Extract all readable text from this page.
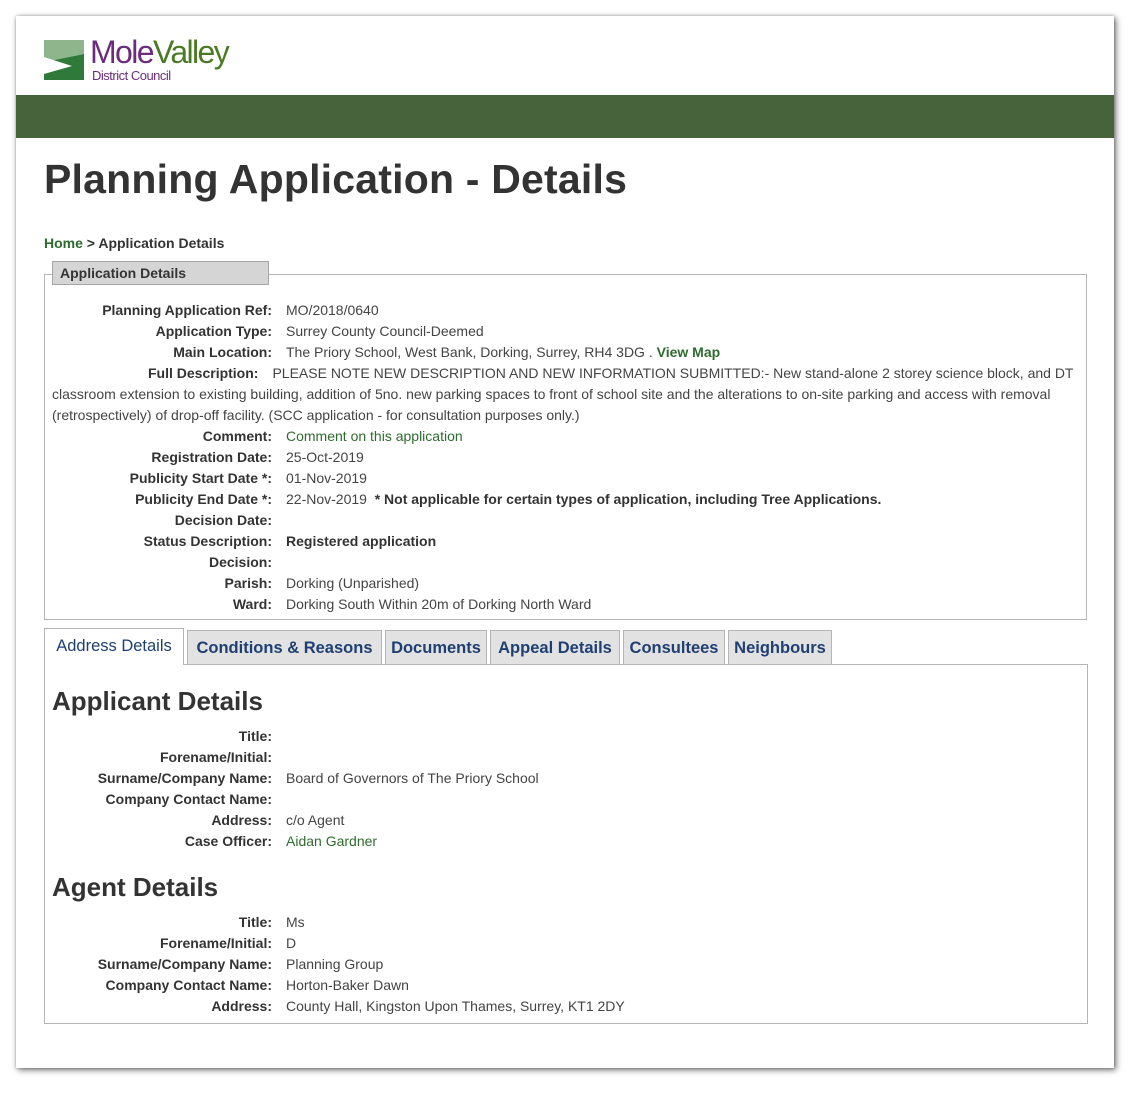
MoleValley
District Council
Planning Application - Details
Home > Application Details
Application Details
Planning Application Ref: MO/2018/0640
Application Type: Surrey County Council-Deemed
Main Location: The Priory School, West Bank, Dorking, Surrey, RH4 3DG . View Map
Full Description: PLEASE NOTE NEW DESCRIPTION AND NEW INFORMATION SUBMITTED:- New stand-alone 2 storey science block, and DT classroom extension to existing building, addition of 5no. new parking spaces to front of school site and the alterations to on-site parking and access with removal (retrospectively) of drop-off facility. (SCC application - for consultation purposes only.)
Comment: Comment on this application
Registration Date: 25-Oct-2019
Publicity Start Date *: 01-Nov-2019
Publicity End Date *: 22-Nov-2019 * Not applicable for certain types of application, including Tree Applications.
Decision Date:
Status Description: Registered application
Decision:
Parish: Dorking (Unparished)
Ward: Dorking South Within 20m of Dorking North Ward
Address Details	Conditions & Reasons	Documents	Appeal Details	Consultees Neighbours
Applicant Details
Title:
Forename/Initial:
Surname/Company Name: Board of Governors of The Priory School
Company Contact Name:
Address: c/o Agent
Case Officer: Aidan Gardner
Agent Details
Title: Ms
Forename/Initial: D
Surname/Company Name: Planning Group
Company Contact Name: Horton-Baker Dawn
Address: County Hall, Kingston Upon Thames, Surrey, KT1 2DY
